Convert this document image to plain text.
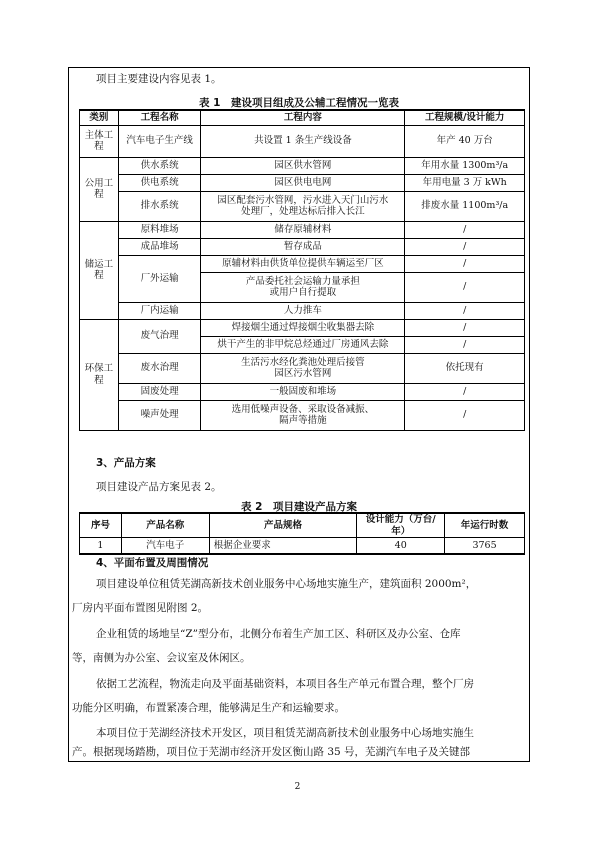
项目主要建设内容见表 1。
表 1　建设项目组成及公辅工程情况一览表
类别	工程名称	工程内容	工程规模/设计能力
主体工程	汽车电子生产线	共设置 1 条生产线设备	年产 40 万台
公用工程	供水系统	园区供水管网	年用水量 1300m³/a
	供电系统	园区供电电网	年用电量 3 万 kWh
	排水系统	园区配套污水管网，污水进入天门山污水
处理厂，处理达标后排入长江	排废水量 1100m³/a
储运工程	原料堆场	储存原辅材料	/
	成品堆场	暂存成品	/
	厂外运输	原辅材料由供货单位提供车辆运至厂区	/

		产品委托社会运输力量承担
或用户自行提取	/
	厂内运输	人力推车	/

环保工程	废气治理	焊接烟尘通过焊接烟尘收集器去除	/
		烘干产生的非甲烷总烃通过厂房通风去除	/
	废水治理	生活污水经化粪池处理后接管
园区污水管网	依托现有
	固废处理	一般固废和堆场	/
	噪声处理	选用低噪声设备、采取设备减振、
隔声等措施	/
3、产品方案
项目建设产品方案见表 2。
表 2　项目建设产品方案
序号	产品名称	产品规格	设计能力（万台/年）	年运行时数
1	汽车电子	根据企业要求	40	3765
4、平面布置及周围情况
项目建设单位租赁芜湖高新技术创业服务中心场地实施生产，建筑面积 2000m²，
厂房内平面布置图见附图 2。
企业租赁的场地呈“Z”型分布，北侧分布着生产加工区、科研区及办公室、仓库
等，南侧为办公室、会议室及休闲区。
依据工艺流程，物流走向及平面基础资料，本项目各生产单元布置合理，整个厂房
功能分区明确，布置紧凑合理，能够满足生产和运输要求。
本项目位于芜湖经济技术开发区，项目租赁芜湖高新技术创业服务中心场地实施生
产。根据现场踏勘，项目位于芜湖市经济开发区衡山路 35 号，芜湖汽车电子及关键部
2
